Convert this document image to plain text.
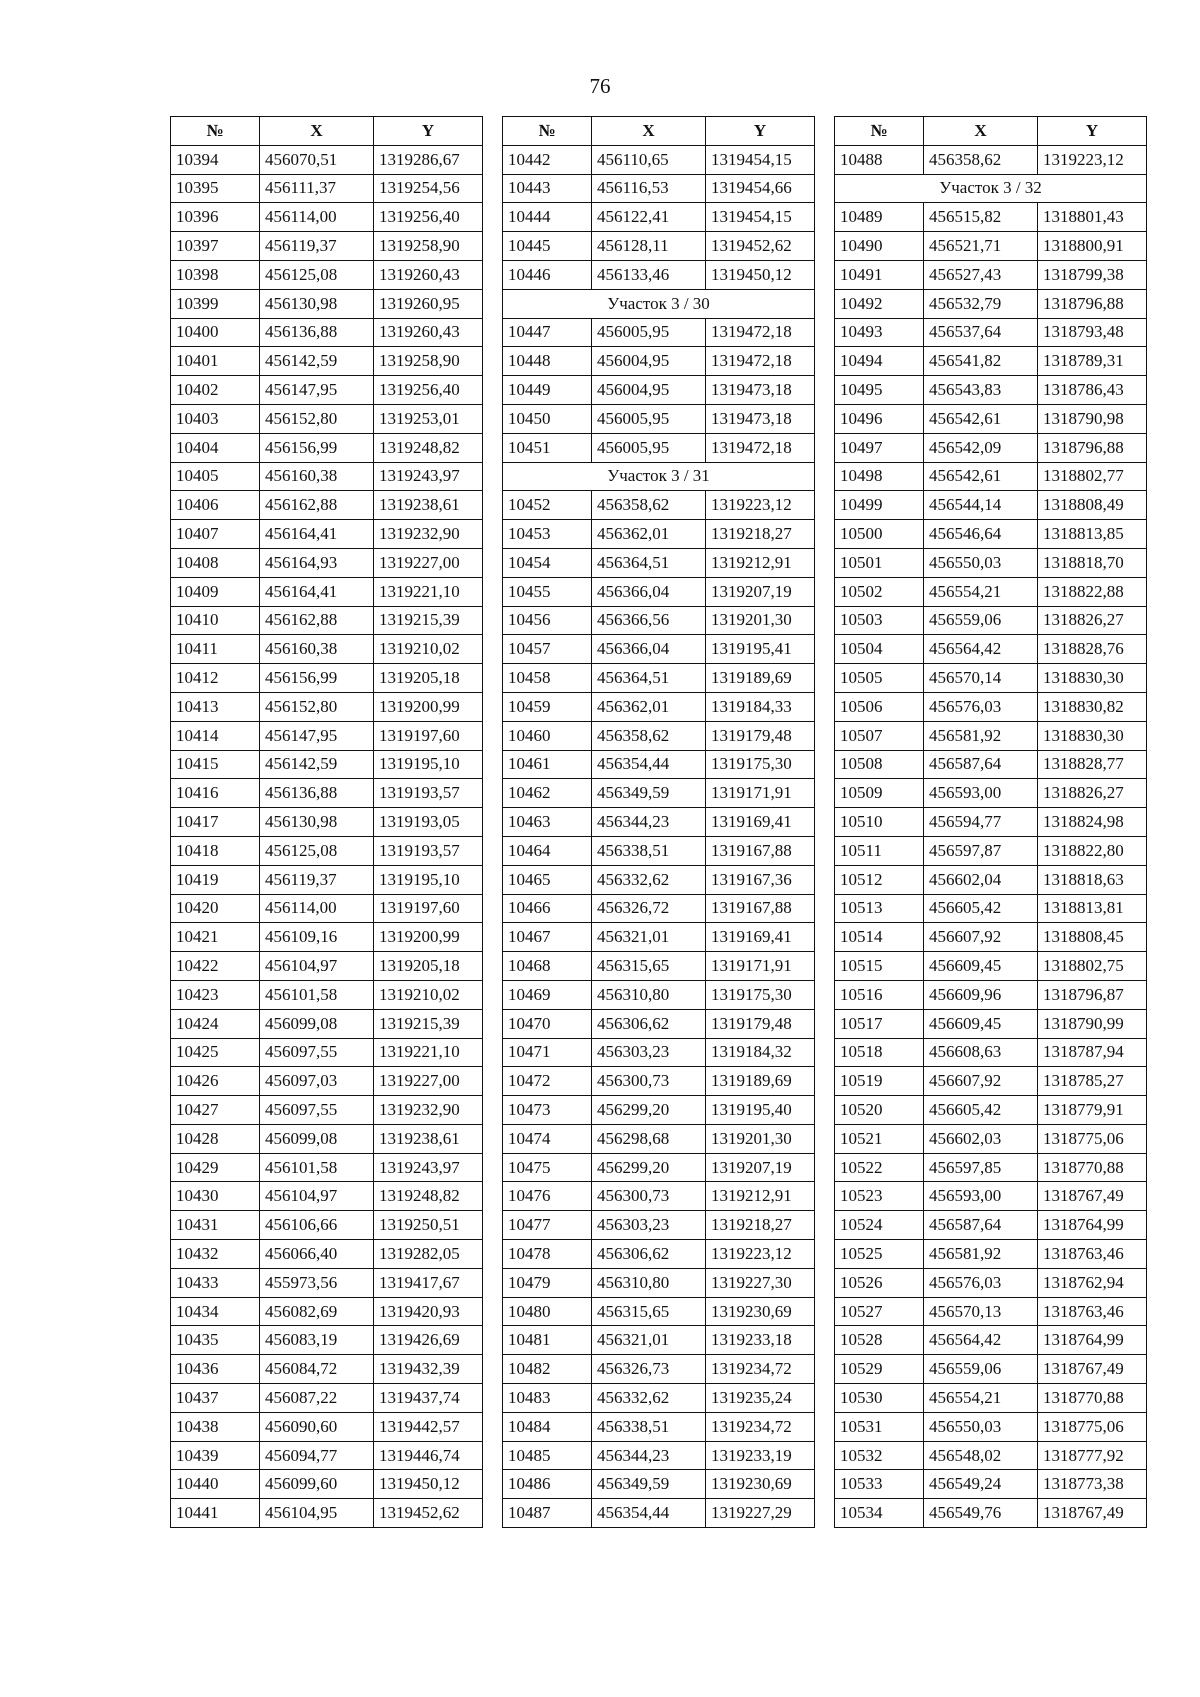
76
№	X	Y
10394	456070,51	1319286,67
10395	456111,37	1319254,56
10396	456114,00	1319256,40
10397	456119,37	1319258,90
10398	456125,08	1319260,43
10399	456130,98	1319260,95
10400	456136,88	1319260,43
10401	456142,59	1319258,90
10402	456147,95	1319256,40
10403	456152,80	1319253,01
10404	456156,99	1319248,82
10405	456160,38	1319243,97
10406	456162,88	1319238,61
10407	456164,41	1319232,90
10408	456164,93	1319227,00
10409	456164,41	1319221,10
10410	456162,88	1319215,39
10411	456160,38	1319210,02
10412	456156,99	1319205,18
10413	456152,80	1319200,99
10414	456147,95	1319197,60
10415	456142,59	1319195,10
10416	456136,88	1319193,57
10417	456130,98	1319193,05
10418	456125,08	1319193,57
10419	456119,37	1319195,10
10420	456114,00	1319197,60
10421	456109,16	1319200,99
10422	456104,97	1319205,18
10423	456101,58	1319210,02
10424	456099,08	1319215,39
10425	456097,55	1319221,10
10426	456097,03	1319227,00
10427	456097,55	1319232,90
10428	456099,08	1319238,61
10429	456101,58	1319243,97
10430	456104,97	1319248,82
10431	456106,66	1319250,51
10432	456066,40	1319282,05
10433	455973,56	1319417,67
10434	456082,69	1319420,93
10435	456083,19	1319426,69
10436	456084,72	1319432,39
10437	456087,22	1319437,74
10438	456090,60	1319442,57
10439	456094,77	1319446,74
10440	456099,60	1319450,12
10441	456104,95	1319452,62
№	X	Y
10442	456110,65	1319454,15
10443	456116,53	1319454,66
10444	456122,41	1319454,15
10445	456128,11	1319452,62
10446	456133,46	1319450,12
Участок 3 / 30		
10447	456005,95	1319472,18
10448	456004,95	1319472,18
10449	456004,95	1319473,18
10450	456005,95	1319473,18
10451	456005,95	1319472,18
Участок 3 / 31		
10452	456358,62	1319223,12
10453	456362,01	1319218,27
10454	456364,51	1319212,91
10455	456366,04	1319207,19
10456	456366,56	1319201,30
10457	456366,04	1319195,41
10458	456364,51	1319189,69
10459	456362,01	1319184,33
10460	456358,62	1319179,48
10461	456354,44	1319175,30
10462	456349,59	1319171,91
10463	456344,23	1319169,41
10464	456338,51	1319167,88
10465	456332,62	1319167,36
10466	456326,72	1319167,88
10467	456321,01	1319169,41
10468	456315,65	1319171,91
10469	456310,80	1319175,30
10470	456306,62	1319179,48
10471	456303,23	1319184,32
10472	456300,73	1319189,69
10473	456299,20	1319195,40
10474	456298,68	1319201,30
10475	456299,20	1319207,19
10476	456300,73	1319212,91
10477	456303,23	1319218,27
10478	456306,62	1319223,12
10479	456310,80	1319227,30
10480	456315,65	1319230,69
10481	456321,01	1319233,18
10482	456326,73	1319234,72
10483	456332,62	1319235,24
10484	456338,51	1319234,72
10485	456344,23	1319233,19
10486	456349,59	1319230,69
10487	456354,44	1319227,29
№	X	Y
10488	456358,62	1319223,12
Участок 3 / 32		
10489	456515,82	1318801,43
10490	456521,71	1318800,91
10491	456527,43	1318799,38
10492	456532,79	1318796,88
10493	456537,64	1318793,48
10494	456541,82	1318789,31
10495	456543,83	1318786,43
10496	456542,61	1318790,98
10497	456542,09	1318796,88
10498	456542,61	1318802,77
10499	456544,14	1318808,49
10500	456546,64	1318813,85
10501	456550,03	1318818,70
10502	456554,21	1318822,88
10503	456559,06	1318826,27
10504	456564,42	1318828,76
10505	456570,14	1318830,30
10506	456576,03	1318830,82
10507	456581,92	1318830,30
10508	456587,64	1318828,77
10509	456593,00	1318826,27
10510	456594,77	1318824,98
10511	456597,87	1318822,80
10512	456602,04	1318818,63
10513	456605,42	1318813,81
10514	456607,92	1318808,45
10515	456609,45	1318802,75
10516	456609,96	1318796,87
10517	456609,45	1318790,99
10518	456608,63	1318787,94
10519	456607,92	1318785,27
10520	456605,42	1318779,91
10521	456602,03	1318775,06
10522	456597,85	1318770,88
10523	456593,00	1318767,49
10524	456587,64	1318764,99
10525	456581,92	1318763,46
10526	456576,03	1318762,94
10527	456570,13	1318763,46
10528	456564,42	1318764,99
10529	456559,06	1318767,49
10530	456554,21	1318770,88
10531	456550,03	1318775,06
10532	456548,02	1318777,92
10533	456549,24	1318773,38
10534	456549,76	1318767,49
